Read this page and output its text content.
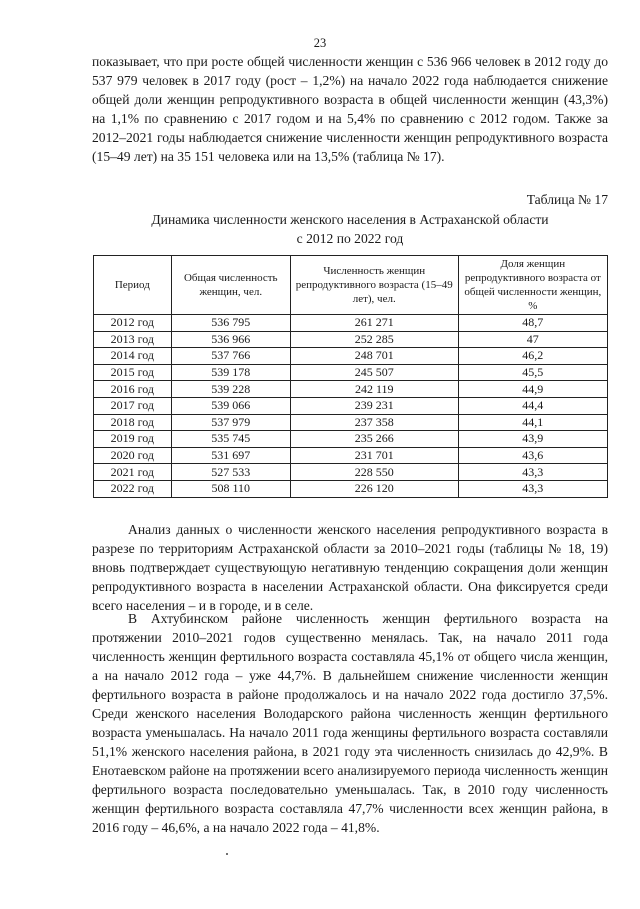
23

показывает, что при росте общей численности женщин с 536 966 человек в 2012 году до 537 979 человек в 2017 году (рост – 1,2%) на начало 2022 года наблюдается снижение общей доли женщин репродуктивного возраста в общей численности женщин (43,3%) на 1,1% по сравнению с 2017 годом и на 5,4% по сравнению с 2012 годом. Также за 2012–2021 годы наблюдается снижение численности женщин репродуктивного возраста (15–49 лет) на 35 151 человека или на 13,5% (таблица № 17).

Таблица № 17
Динамика численности женского населения в Астраханской области
с 2012 по 2022 год
Период	Общая численность женщин, чел.	Численность женщин репродуктивного возраста (15–49 лет), чел.	Доля женщин репродуктивного возраста от общей численности женщин, %
2012 год	536 795	261 271	48,7
2013 год	536 966	252 285	47
2014 год	537 766	248 701	46,2
2015 год	539 178	245 507	45,5
2016 год	539 228	242 119	44,9
2017 год	539 066	239 231	44,4
2018 год	537 979	237 358	44,1
2019 год	535 745	235 266	43,9
2020 год	531 697	231 701	43,6
2021 год	527 533	228 550	43,3
2022 год	508 110	226 120	43,3

Анализ данных о численности женского населения репродуктивного возраста в разрезе по территориям Астраханской области за 2010–2021 годы (таблицы № 18, 19) вновь подтверждает существующую негативную тенденцию сокращения доли женщин репродуктивного возраста в населении Астраханской области. Она фиксируется среди всего населения – и в городе, и в селе.

В Ахтубинском районе численность женщин фертильного возраста на протяжении 2010–2021 годов существенно менялась. Так, на начало 2011 года численность женщин фертильного возраста составляла 45,1% от общего числа женщин, а на начало 2012 года – уже 44,7%. В дальнейшем снижение численности женщин фертильного возраста в районе продолжалось и на начало 2022 года достигло 37,5%. Среди женского населения Володарского района численность женщин фертильного возраста уменьшалась. На начало 2011 года женщины фертильного возраста составляли 51,1% женского населения района, в 2021 году эта численность снизилась до 42,9%. В Енотаевском районе на протяжении всего анализируемого периода численность женщин фертильного возраста последовательно уменьшалась. Так, в 2010 году численность женщин фертильного возраста составляла 47,7% численности всех женщин района, в 2016 году – 46,6%, а на начало 2022 года – 41,8%.
